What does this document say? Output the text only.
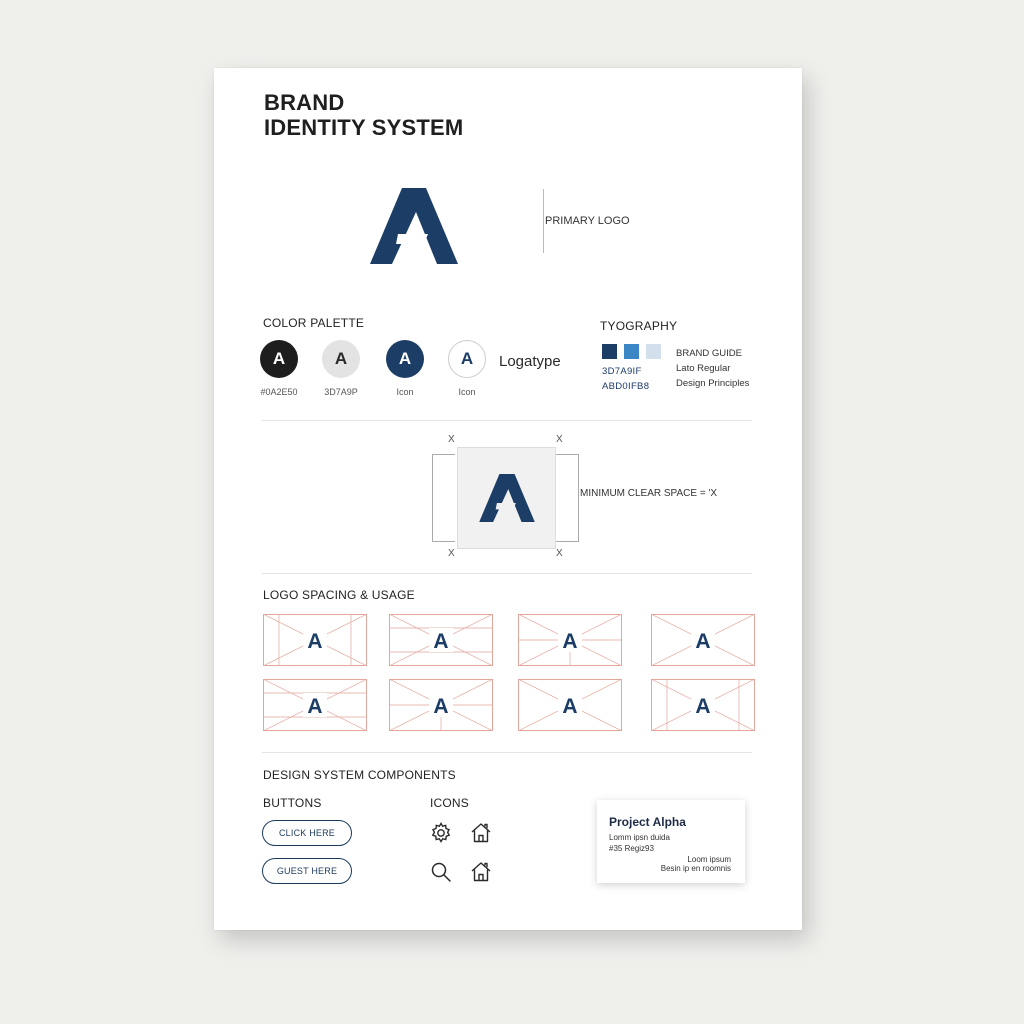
BRAND
IDENTITY SYSTEM
PRIMARY LOGO
COLOR PALETTE
A	A	A	A
#0A2E50	3D7A9P	Icon	Icon
Logatype
TYOGRAPHY
3D7A9IF
ABD0IFB8
BRAND GUIDE
Lato Regular
Design Principles
X	X
X	X
MINIMUM CLEAR SPACE = 'X
LOGO SPACING & USAGE
DESIGN SYSTEM COMPONENTS
BUTTONS	ICONS
CLICK HERE
GUEST HERE
Project Alpha
Lomm ipsn duida
#35 Regiz93
Loom ipsum
Besin ip en roomnis
A	A	A	A
A	A	A	A
